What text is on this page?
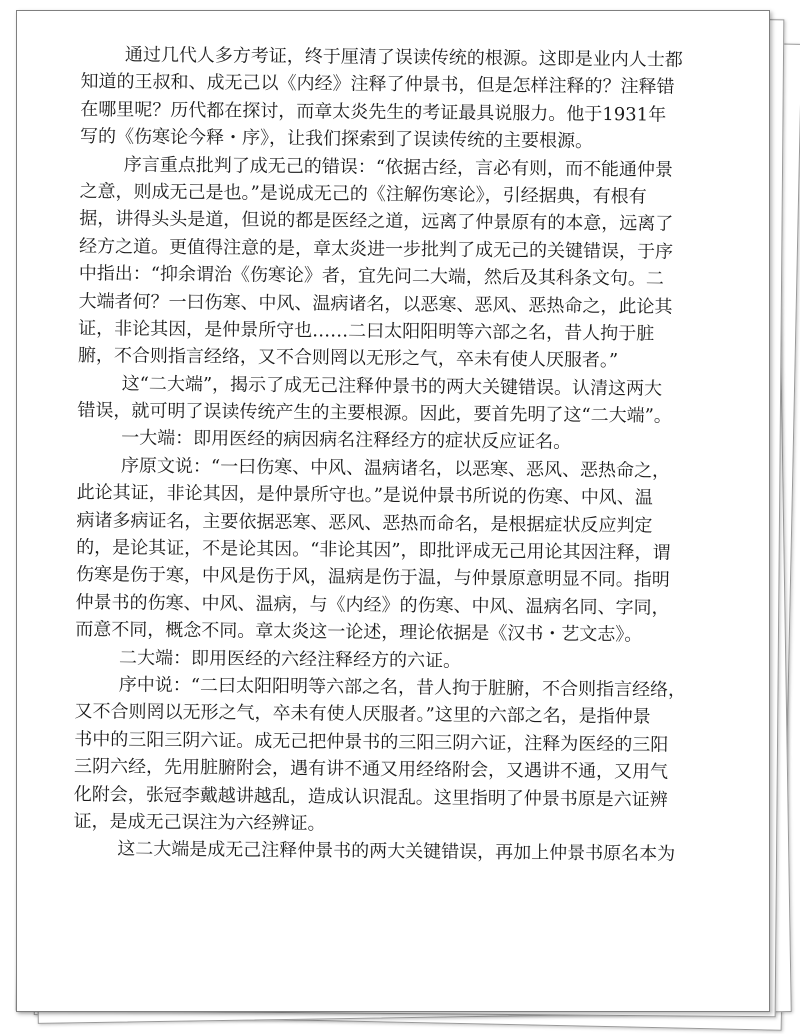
通过几代人多方考证，终于厘清了误读传统的根源。这即是业内人士都
知道的王叔和、成无己以《内经》注释了仲景书，但是怎样注释的？注释错
在哪里呢？历代都在探讨，而章太炎先生的考证最具说服力。他于1931年
写的《伤寒论今释・序》，让我们探索到了误读传统的主要根源。
序言重点批判了成无己的错误：“依据古经，言必有则，而不能通仲景
之意，则成无己是也。”是说成无己的《注解伤寒论》，引经据典，有根有
据，讲得头头是道，但说的都是医经之道，远离了仲景原有的本意，远离了
经方之道。更值得注意的是，章太炎进一步批判了成无己的关键错误，于序
中指出：“抑余谓治《伤寒论》者，宜先问二大端，然后及其科条文句。二
大端者何？一曰伤寒、中风、温病诸名，以恶寒、恶风、恶热命之，此论其
证，非论其因，是仲景所守也……二曰太阳阳明等六部之名，昔人拘于脏
腑，不合则指言经络，又不合则罔以无形之气，卒未有使人厌服者。”
这“二大端”，揭示了成无己注释仲景书的两大关键错误。认清这两大
错误，就可明了误读传统产生的主要根源。因此，要首先明了这“二大端”。
一大端：即用医经的病因病名注释经方的症状反应证名。
序原文说：“一曰伤寒、中风、温病诸名，以恶寒、恶风、恶热命之，
此论其证，非论其因，是仲景所守也。”是说仲景书所说的伤寒、中风、温
病诸多病证名，主要依据恶寒、恶风、恶热而命名，是根据症状反应判定
的，是论其证，不是论其因。“非论其因”，即批评成无己用论其因注释，谓
伤寒是伤于寒，中风是伤于风，温病是伤于温，与仲景原意明显不同。指明
仲景书的伤寒、中风、温病，与《内经》的伤寒、中风、温病名同、字同，
而意不同，概念不同。章太炎这一论述，理论依据是《汉书・艺文志》。
二大端：即用医经的六经注释经方的六证。
序中说：“二曰太阳阳明等六部之名，昔人拘于脏腑，不合则指言经络，
又不合则罔以无形之气，卒未有使人厌服者。”这里的六部之名，是指仲景
书中的三阳三阴六证。成无己把仲景书的三阳三阴六证，注释为医经的三阳
三阴六经，先用脏腑附会，遇有讲不通又用经络附会，又遇讲不通，又用气
化附会，张冠李戴越讲越乱，造成认识混乱。这里指明了仲景书原是六证辨
证，是成无己误注为六经辨证。
这二大端是成无己注释仲景书的两大关键错误，再加上仲景书原名本为
